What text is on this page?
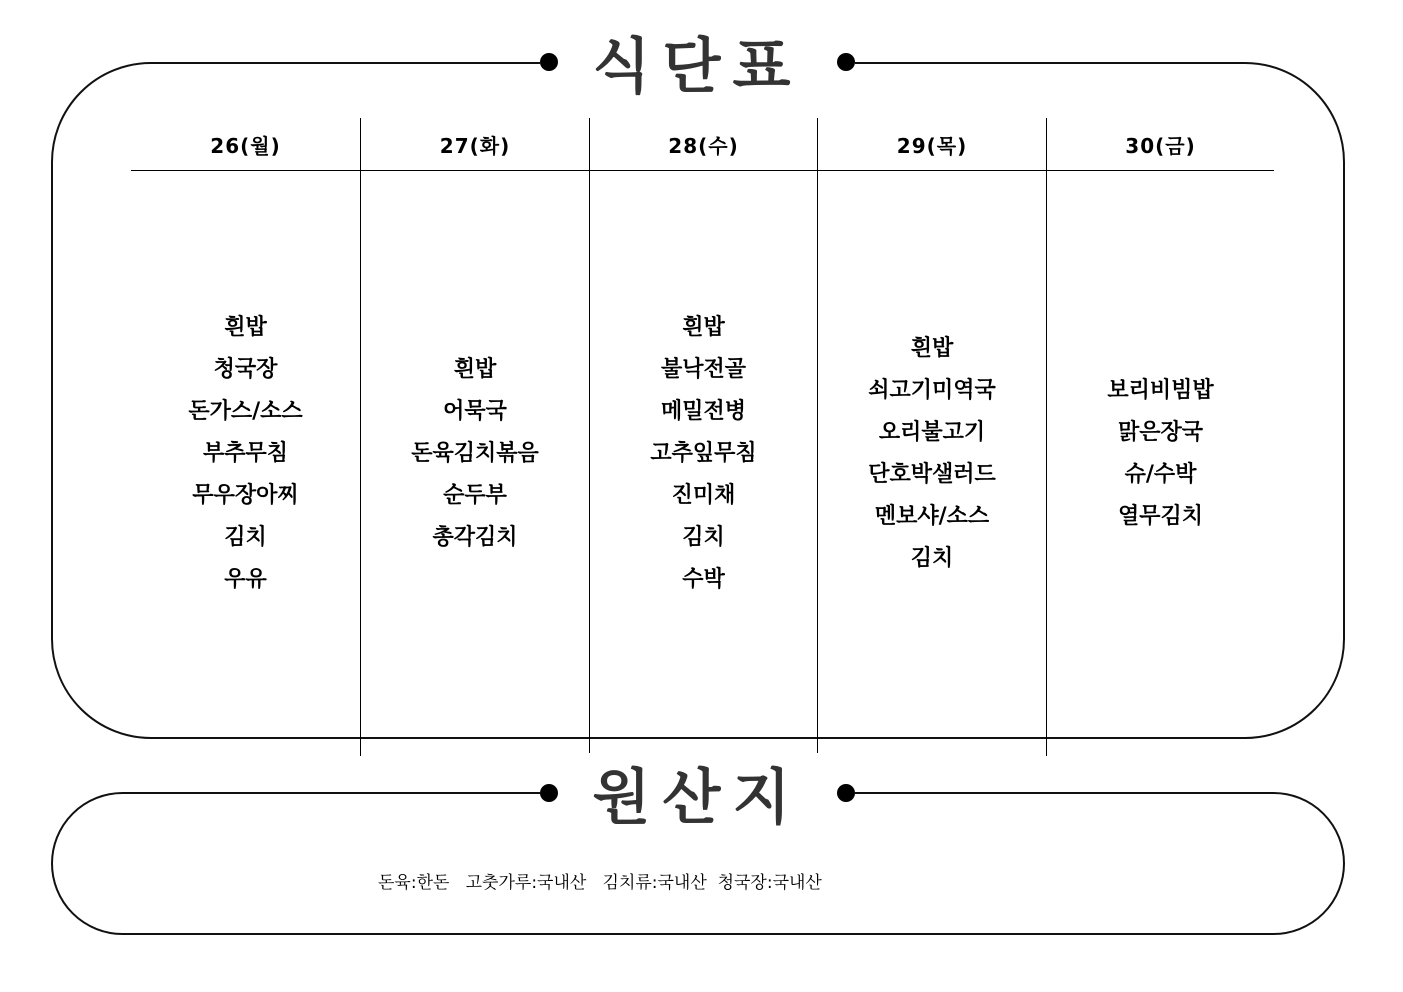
식단표
26(월)
흰밥
청국장
돈가스/소스
부추무침
무우장아찌
김치
우유
27(화)
흰밥
어묵국
돈육김치볶음
순두부
총각김치
28(수)
흰밥
불낙전골
메밀전병
고추잎무침
진미채
김치
수박
29(목)
흰밥
쇠고기미역국
오리불고기
단호박샐러드
멘보샤/소스
김치
30(금)
보리비빔밥
맑은장국
슈/수박
열무김치
원산지
돈육:한돈   고춧가루:국내산   김치류:국내산  청국장:국내산
